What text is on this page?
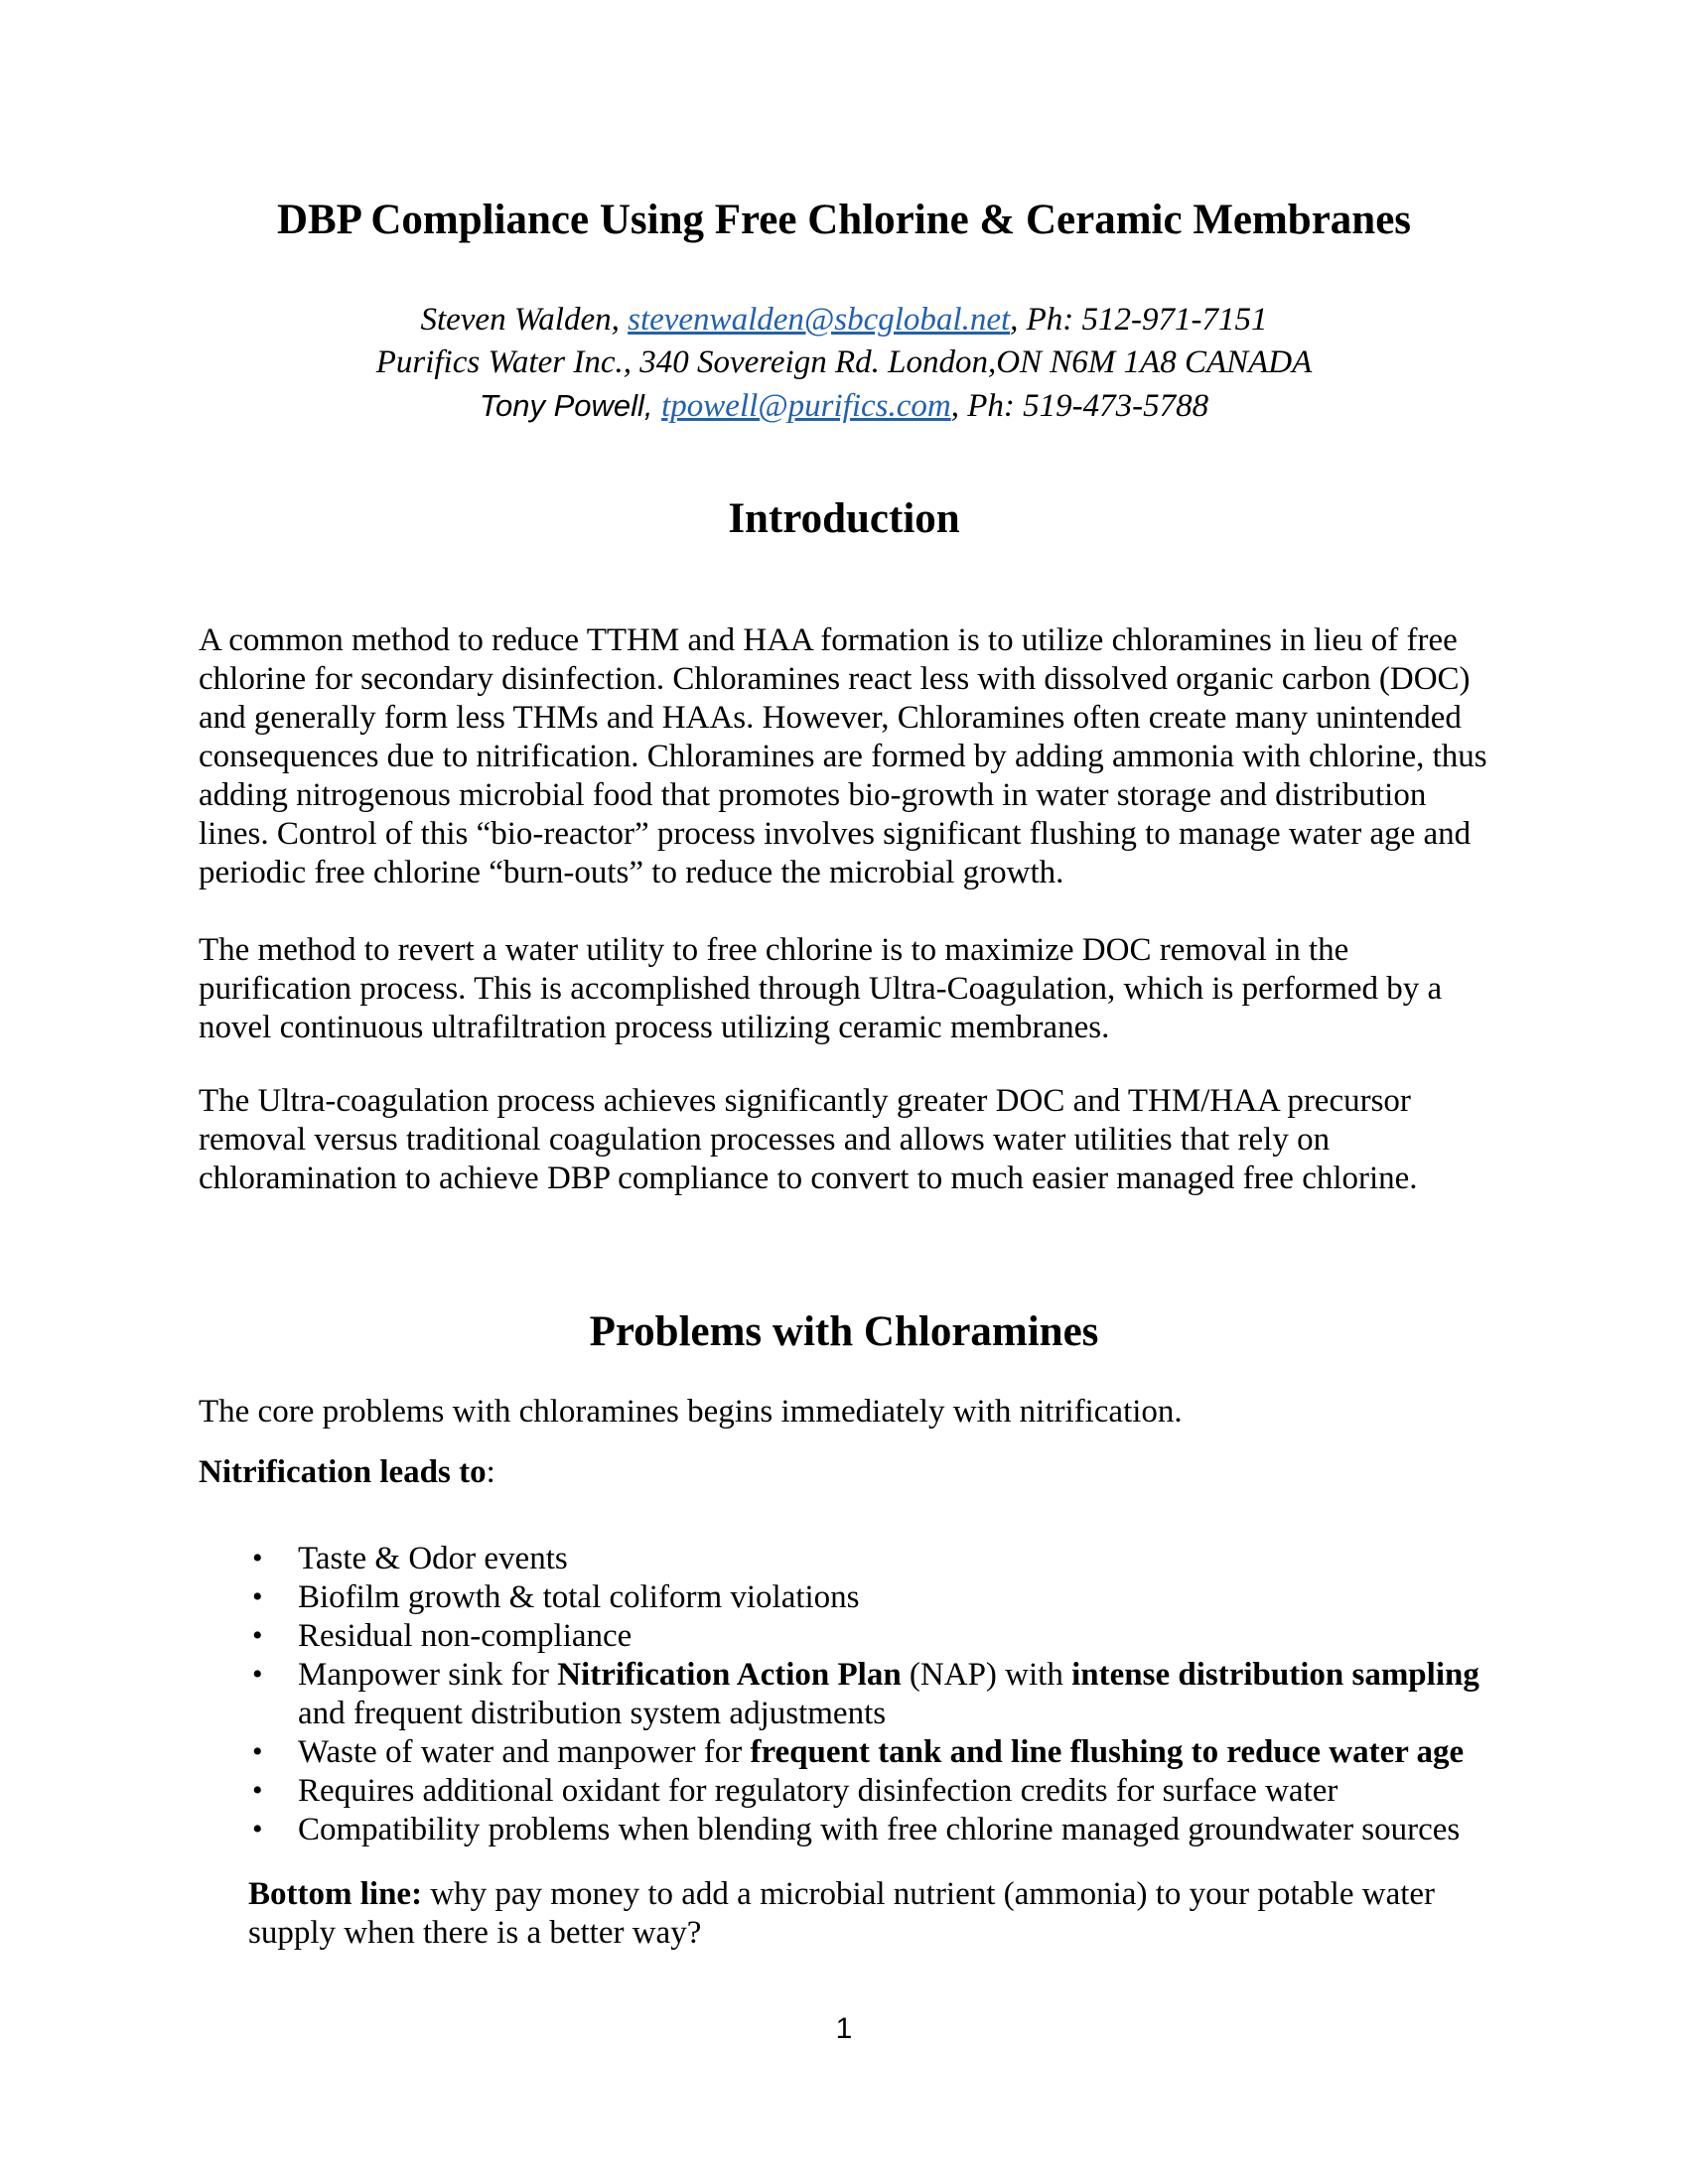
DBP Compliance Using Free Chlorine & Ceramic Membranes
Steven Walden, stevenwalden@sbcglobal.net, Ph: 512-971-7151
Purifics Water Inc., 340 Sovereign Rd. London,ON N6M 1A8 CANADA
Tony Powell, tpowell@purifics.com, Ph: 519-473-5788
Introduction
A common method to reduce TTHM and HAA formation is to utilize chloramines in lieu of free chlorine for secondary disinfection. Chloramines react less with dissolved organic carbon (DOC) and generally form less THMs and HAAs. However, Chloramines often create many unintended consequences due to nitrification. Chloramines are formed by adding ammonia with chlorine, thus adding nitrogenous microbial food that promotes bio-growth in water storage and distribution lines. Control of this “bio-reactor” process involves significant flushing to manage water age and periodic free chlorine “burn-outs” to reduce the microbial growth.
The method to revert a water utility to free chlorine is to maximize DOC removal in the purification process. This is accomplished through Ultra-Coagulation, which is performed by a novel continuous ultrafiltration process utilizing ceramic membranes.
The Ultra-coagulation process achieves significantly greater DOC and THM/HAA precursor removal versus traditional coagulation processes and allows water utilities that rely on chloramination to achieve DBP compliance to convert to much easier managed free chlorine.
Problems with Chloramines
The core problems with chloramines begins immediately with nitrification.
Nitrification leads to:
• Taste & Odor events
• Biofilm growth & total coliform violations
• Residual non-compliance
• Manpower sink for Nitrification Action Plan (NAP) with intense distribution sampling and frequent distribution system adjustments
• Waste of water and manpower for frequent tank and line flushing to reduce water age
• Requires additional oxidant for regulatory disinfection credits for surface water
• Compatibility problems when blending with free chlorine managed groundwater sources
Bottom line: why pay money to add a microbial nutrient (ammonia) to your potable water supply when there is a better way?
1
